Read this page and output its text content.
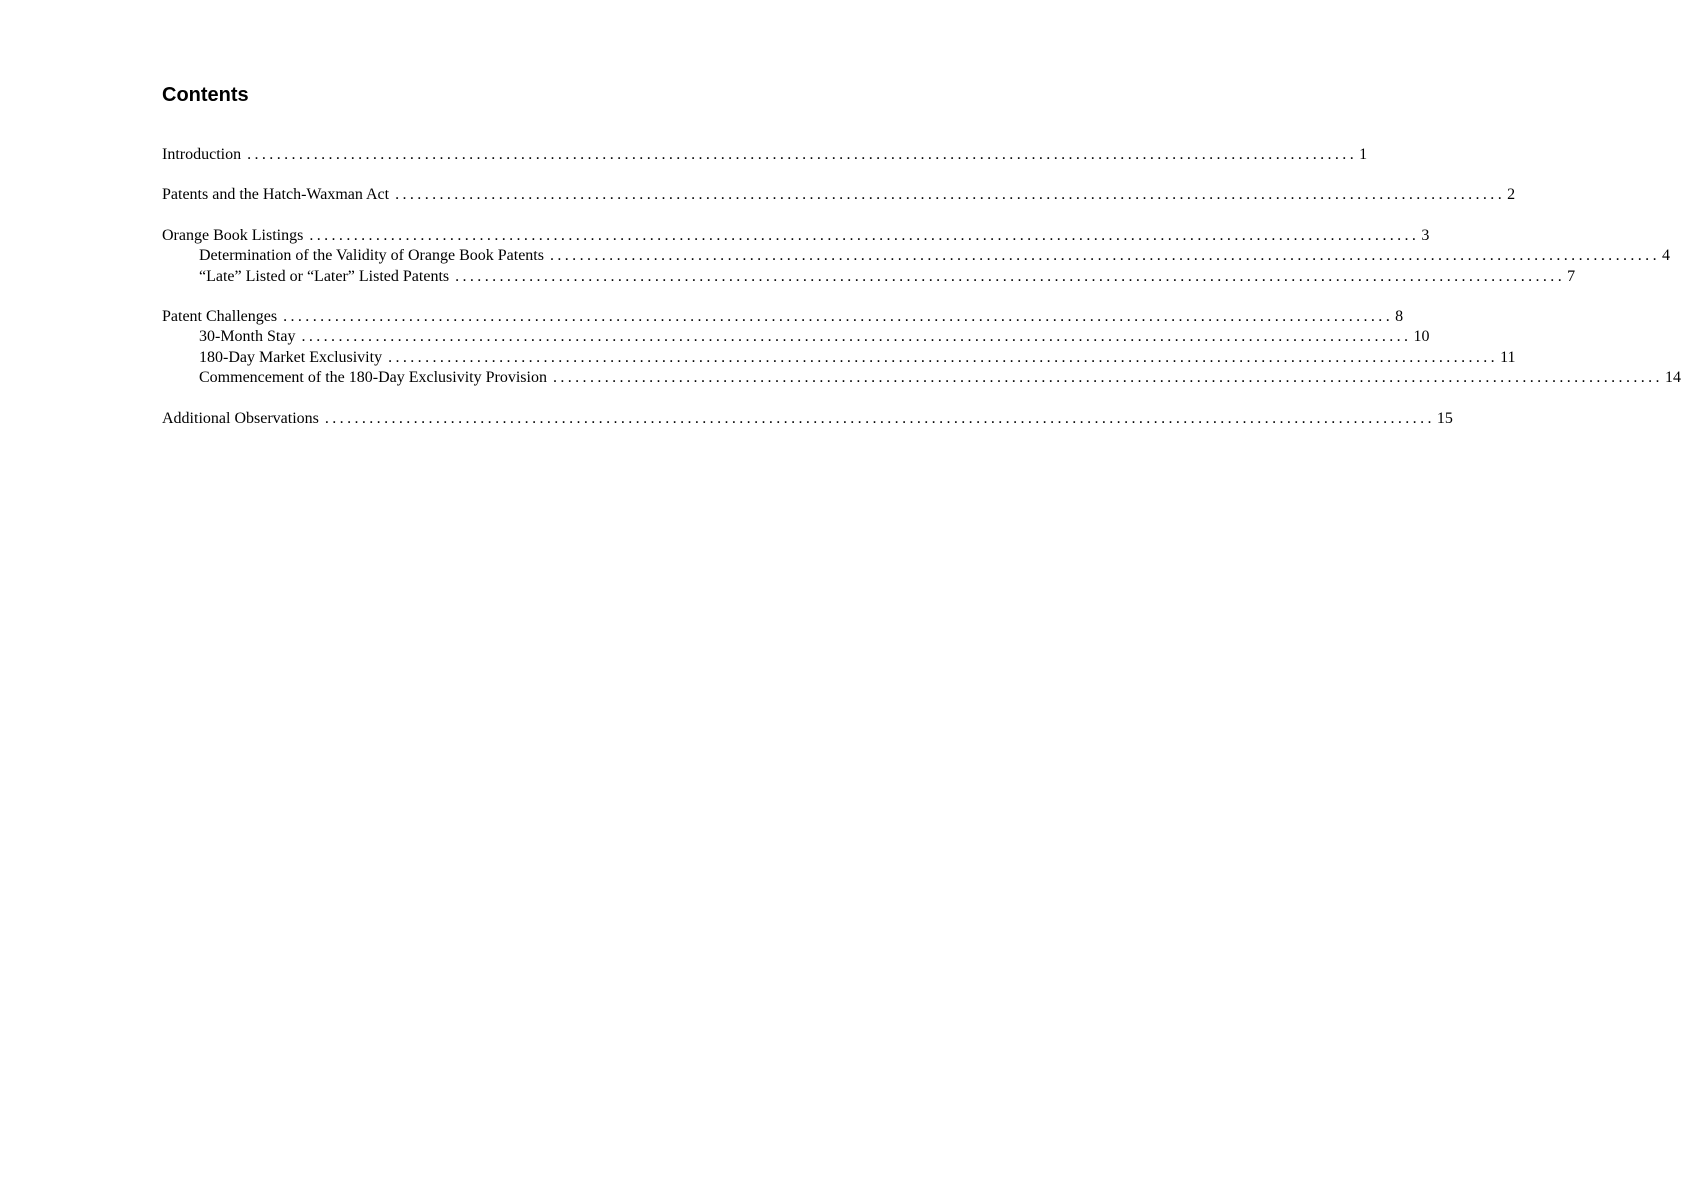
Contents
Introduction ...................................................................................................................................................... 1
Patents and the Hatch-Waxman Act ...................................................................................................................................................... 2
Orange Book Listings ...................................................................................................................................................... 3
Determination of the Validity of Orange Book Patents ...................................................................................................................................................... 4
“Late” Listed or “Later” Listed Patents ...................................................................................................................................................... 7
Patent Challenges ...................................................................................................................................................... 8
30-Month Stay ...................................................................................................................................................... 10
180-Day Market Exclusivity ...................................................................................................................................................... 11
Commencement of the 180-Day Exclusivity Provision ...................................................................................................................................................... 14
Additional Observations ...................................................................................................................................................... 15
